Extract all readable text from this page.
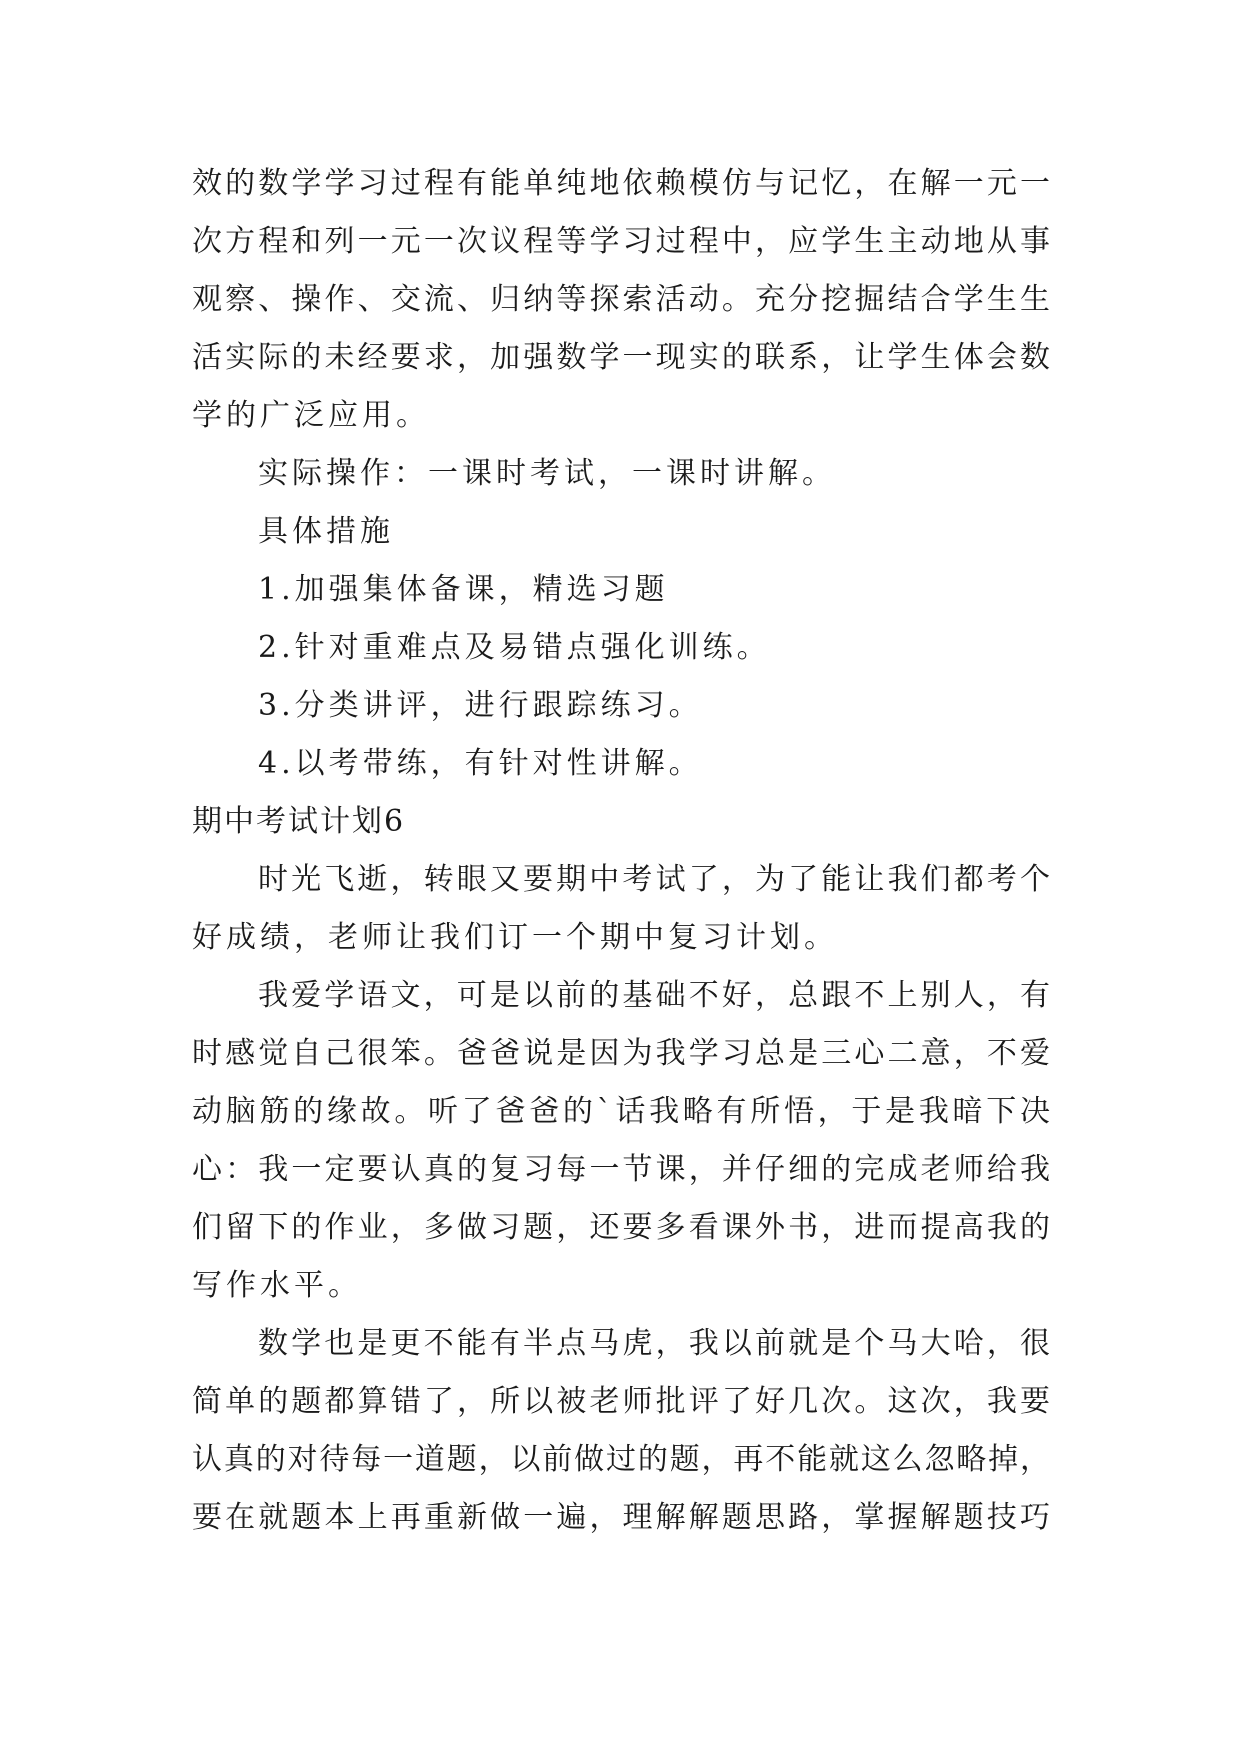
效的数学学习过程有能单纯地依赖模仿与记忆，在解一元一
次方程和列一元一次议程等学习过程中，应学生主动地从事
观察、操作、交流、归纳等探索活动。充分挖掘结合学生生
活实际的未经要求，加强数学一现实的联系，让学生体会数
学的广泛应用。
实际操作：一课时考试，一课时讲解。
具体措施
1.加强集体备课，精选习题
2.针对重难点及易错点强化训练。
3.分类讲评，进行跟踪练习。
4.以考带练，有针对性讲解。
期中考试计划6
时光飞逝，转眼又要期中考试了，为了能让我们都考个
好成绩，老师让我们订一个期中复习计划。
我爱学语文，可是以前的基础不好，总跟不上别人，有
时感觉自己很笨。爸爸说是因为我学习总是三心二意，不爱
动脑筋的缘故。听了爸爸的`话我略有所悟，于是我暗下决
心：我一定要认真的复习每一节课，并仔细的完成老师给我
们留下的作业，多做习题，还要多看课外书，进而提高我的
写作水平。
数学也是更不能有半点马虎，我以前就是个马大哈，很
简单的题都算错了，所以被老师批评了好几次。这次，我要
认真的对待每一道题，以前做过的题，再不能就这么忽略掉，
要在就题本上再重新做一遍，理解解题思路，掌握解题技巧
